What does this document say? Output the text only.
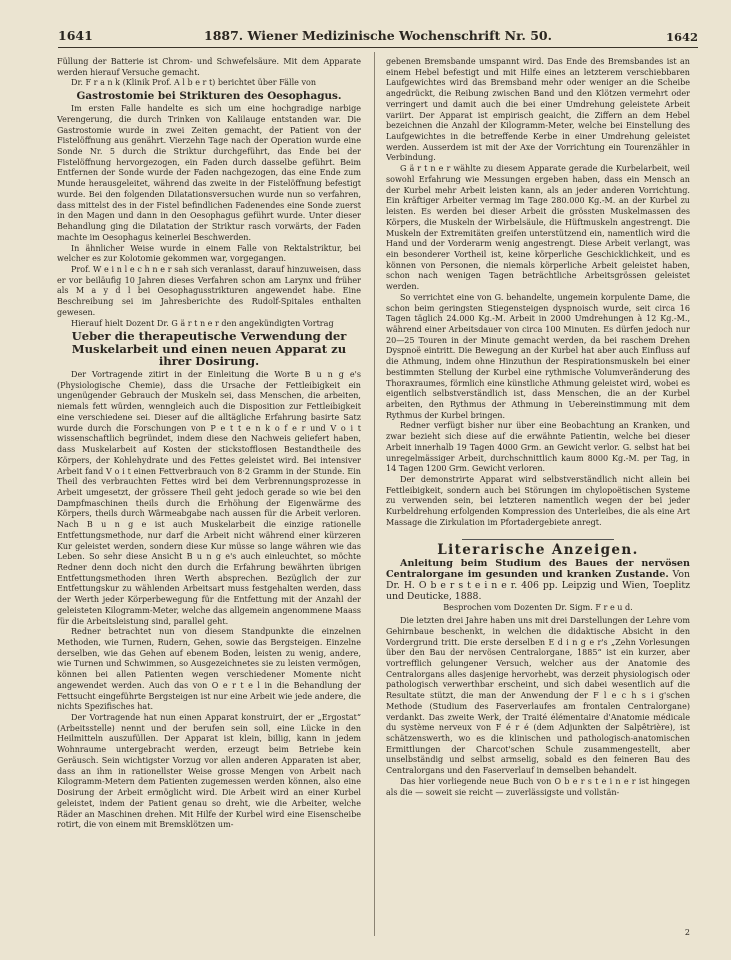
1641	1887. Wiener Medizinische Wochenschrift Nr. 50.	1642

Füllung der Batterie ist Chrom- und Schwefelsäure. Mit dem Apparate werden hierauf Versuche gemacht.

Dr. F r a n k (Klinik Prof. A l b e r t) berichtet über Fälle von

Gastrostomie bei Strikturen des Oesophagus.

Im ersten Falle handelte es sich um eine hochgradige narbige Verengerung, die durch Trinken von Kalilauge entstanden war. Die Gastrostomie wurde in zwei Zeiten gemacht, der Patient von der Fistelöffnung aus genährt. Vierzehn Tage nach der Operation wurde eine Sonde Nr. 5 durch die Striktur durchgeführt, das Ende bei der Fistelöffnung hervorgezogen, ein Faden durch dasselbe geführt. Beim Entfernen der Sonde wurde der Faden nachgezogen, das eine Ende zum Munde herausgeleitet, während das zweite in der Fistelöffnung befestigt wurde. Bei den folgenden Dilatationsversuchen wurde nun so verfahren, dass mittelst des in der Fistel befindlichen Fadenendes eine Sonde zuerst in den Magen und dann in den Oesophagus geführt wurde. Unter dieser Behandlung ging die Dilatation der Striktur rasch vorwärts, der Faden machte im Oesophagus keinerlei Beschwerden.

In ähnlicher Weise wurde in einem Falle von Rektalstriktur, bei welcher es zur Kolotomie gekommen war, vorgegangen.

Prof. W e i n l e c h n e r sah sich veranlasst, darauf hinzuweisen, dass er vor beiläufig 10 Jahren dieses Verfahren schon am Larynx und früher als M a y d l bei Oesophagusstrikturen angewendet habe. Eine Beschreibung sei im Jahresberichte des Rudolf-Spitales enthalten gewesen.

Hierauf hielt Dozent Dr. G ä r t n e r den angekündigten Vortrag

Ueber die therapeutische Verwendung der Muskelarbeit und einen neuen Apparat zu ihrer Dosirung.

Der Vortragende zitirt in der Einleitung die Worte B u n g e's (Physiologische Chemie), dass die Ursache der Fettleibigkeit ein ungenügender Gebrauch der Muskeln sei, dass Menschen, die arbeiten, niemals fett würden, wenngleich auch die Disposition zur Fettleibigkeit eine verschiedene sei. Dieser auf die alltägliche Erfahrung basirte Satz wurde durch die Forschungen von P e t t e n k o f e r und V o i t wissenschaftlich begründet, indem diese den Nachweis geliefert haben, dass Muskelarbeit auf Kosten der stickstofflosen Bestandtheile des Körpers, der Kohlehydrate und des Fettes geleistet wird. Bei intensiver Arbeit fand V o i t einen Fettverbrauch von 8·2 Gramm in der Stunde. Ein Theil des verbrauchten Fettes wird bei dem Verbrennungsprozesse in Arbeit umgesetzt, der grössere Theil geht jedoch gerade so wie bei den Dampfmaschinen theils durch die Erhöhung der Eigenwärme des Körpers, theils durch Wärmeabgabe nach aussen für die Arbeit verloren. Nach B u n g e ist auch Muskelarbeit die einzige rationelle Entfettungsmethode, nur darf die Arbeit nicht während einer kürzeren Kur geleistet werden, sondern diese Kur müsse so lange währen wie das Leben. So sehr diese Ansicht B u n g e's auch einleuchtet, so möchte Redner denn doch nicht den durch die Erfahrung bewährten übrigen Entfettungsmethoden ihren Werth absprechen. Bezüglich der zur Entfettungskur zu wählenden Arbeitsart muss festgehalten werden, dass der Werth jeder Körperbewegung für die Entfettung mit der Anzahl der geleisteten Kilogramm-Meter, welche das allgemein angenommene Maass für die Arbeitsleistung sind, parallel geht.

Redner betrachtet nun von diesem Standpunkte die einzelnen Methoden, wie Turnen, Rudern, Gehen, sowie das Bergsteigen. Einzelne derselben, wie das Gehen auf ebenem Boden, leisten zu wenig, andere, wie Turnen und Schwimmen, so Ausgezeichnetes sie zu leisten vermögen, können bei allen Patienten wegen verschiedener Momente nicht angewendet werden. Auch das von O e r t e l in die Behandlung der Fettsucht eingeführte Bergsteigen ist nur eine Arbeit wie jede andere, die nichts Spezifisches hat.

Der Vortragende hat nun einen Apparat konstruirt, der er „Ergostat“ (Arbeitsstelle) nennt und der berufen sein soll, eine Lücke in den Heilmitteln auszufüllen. Der Apparat ist klein, billig, kann in jedem Wohnraume untergebracht werden, erzeugt beim Betriebe kein Geräusch. Sein wichtigster Vorzug vor allen anderen Apparaten ist aber, dass an ihm in rationellster Weise grosse Mengen von Arbeit nach Kilogramm-Metern dem Patienten zugemessen werden können, also eine Dosirung der Arbeit ermöglicht wird. Die Arbeit wird an einer Kurbel geleistet, indem der Patient genau so dreht, wie die Arbeiter, welche Räder an Maschinen drehen. Mit Hilfe der Kurbel wird eine Eisenscheibe rotirt, die von einem mit Bremsklötzen um-

gebenen Bremsbande umspannt wird. Das Ende des Bremsbandes ist an einem Hebel befestigt und mit Hilfe eines an letzterem verschiebbaren Laufgewichtes wird das Bremsband mehr oder weniger an die Scheibe angedrückt, die Reibung zwischen Band und den Klötzen vermehrt oder verringert und damit auch die bei einer Umdrehung geleistete Arbeit variirt. Der Apparat ist empirisch geaicht, die Ziffern an dem Hebel bezeichnen die Anzahl der Kilogramm-Meter, welche bei Einstellung des Laufgewichtes in die betreffende Kerbe in einer Umdrehung geleistet werden. Ausserdem ist mit der Axe der Vorrichtung ein Tourenzähler in Verbindung.

G ä r t n e r wählte zu diesem Apparate gerade die Kurbelarbeit, weil sowohl Erfahrung wie Messungen ergeben haben, dass ein Mensch an der Kurbel mehr Arbeit leisten kann, als an jeder anderen Vorrichtung. Ein kräftiger Arbeiter vermag im Tage 280.000 Kg.-M. an der Kurbel zu leisten. Es werden bei dieser Arbeit die grössten Muskelmassen des Körpers, die Muskeln der Wirbelsäule, die Hüftmuskeln angestrengt. Die Muskeln der Extremitäten greifen unterstützend ein, namentlich wird die Hand und der Vorderarm wenig angestrengt. Diese Arbeit verlangt, was ein besonderer Vortheil ist, keine körperliche Geschicklichkeit, und es können von Personen, die niemals körperliche Arbeit geleistet haben, schon nach wenigen Tagen beträchtliche Arbeitsgrössen geleistet werden.

So verrichtet eine von G. behandelte, ungemein korpulente Dame, die schon beim geringsten Stiegensteigen dyspnoisch wurde, seit circa 16 Tagen täglich 24.000 Kg.-M. Arbeit in 2000 Umdrehungen à 12 Kg.-M., während einer Arbeitsdauer von circa 100 Minuten. Es dürfen jedoch nur 20—25 Touren in der Minute gemacht werden, da bei raschem Drehen Dyspnoë eintritt. Die Bewegung an der Kurbel hat aber auch Einfluss auf die Athmung, indem ohne Hinzuthun der Respirationsmuskeln bei einer bestimmten Stellung der Kurbel eine rythmische Volumveränderung des Thoraxraumes, förmlich eine künstliche Athmung geleistet wird, wobei es eigentlich selbstverständlich ist, dass Menschen, die an der Kurbel arbeiten, den Rythmus der Athmung in Uebereinstimmung mit dem Rythmus der Kurbel bringen.

Redner verfügt bisher nur über eine Beobachtung an Kranken, und zwar bezieht sich diese auf die erwähnte Patientin, welche bei dieser Arbeit innerhalb 19 Tagen 4000 Grm. an Gewicht verlor. G. selbst hat bei unregelmässiger Arbeit, durchschnittlich kaum 8000 Kg.-M. per Tag, in 14 Tagen 1200 Grm. Gewicht verloren.

Der demonstrirte Apparat wird selbstverständlich nicht allein bei Fettleibigkeit, sondern auch bei Störungen im chylopoëtischen Systeme zu verwenden sein, bei letzteren namentlich wegen der bei jeder Kurbeldrehung erfolgenden Kompression des Unterleibes, die als eine Art Massage die Zirkulation im Pfortadergebiete anregt.

Literarische Anzeigen.

Anleitung beim Studium des Baues der nervösen Centralorgane im gesunden und kranken Zustande. Von Dr. H. O b e r s t e i n e r. 406 pp. Leipzig und Wien, Toeplitz und Deuticke, 1888.

Besprochen vom Dozenten Dr. Sigm. F r e u d.

Die letzten drei Jahre haben uns mit drei Darstellungen der Lehre vom Gehirnbaue beschenkt, in welchen die didaktische Absicht in den Vordergrund tritt. Die erste derselben E d i n g e r's „Zehn Vorlesungen über den Bau der nervösen Centralorgane, 1885“ ist ein kurzer, aber vortrefflich gelungener Versuch, welcher aus der Anatomie des Centralorgans alles dasjenige hervorhebt, was derzeit physiologisch oder pathologisch verwerthbar erscheint, und sich dabei wesentlich auf die Resultate stützt, die man der Anwendung der F l e c h s i g'schen Methode (Studium des Faserverlaufes am frontalen Centralorgane) verdankt. Das zweite Werk, der Traité élémentaire d'Anatomie médicale du système nerveux von F é r é (dem Adjunkten der Salpêtrière), ist schätzenswerth, wo es die klinischen und pathologisch-anatomischen Ermittlungen der Charcot'schen Schule zusammengestellt, aber unselbständig und selbst armselig, sobald es den feineren Bau des Centralorgans und den Faserverlauf in demselben behandelt.

Das hier vorliegende neue Buch von O b e r s t e i n e r ist hingegen als die — soweit sie reicht — zuverlässigste und vollstän-

2
